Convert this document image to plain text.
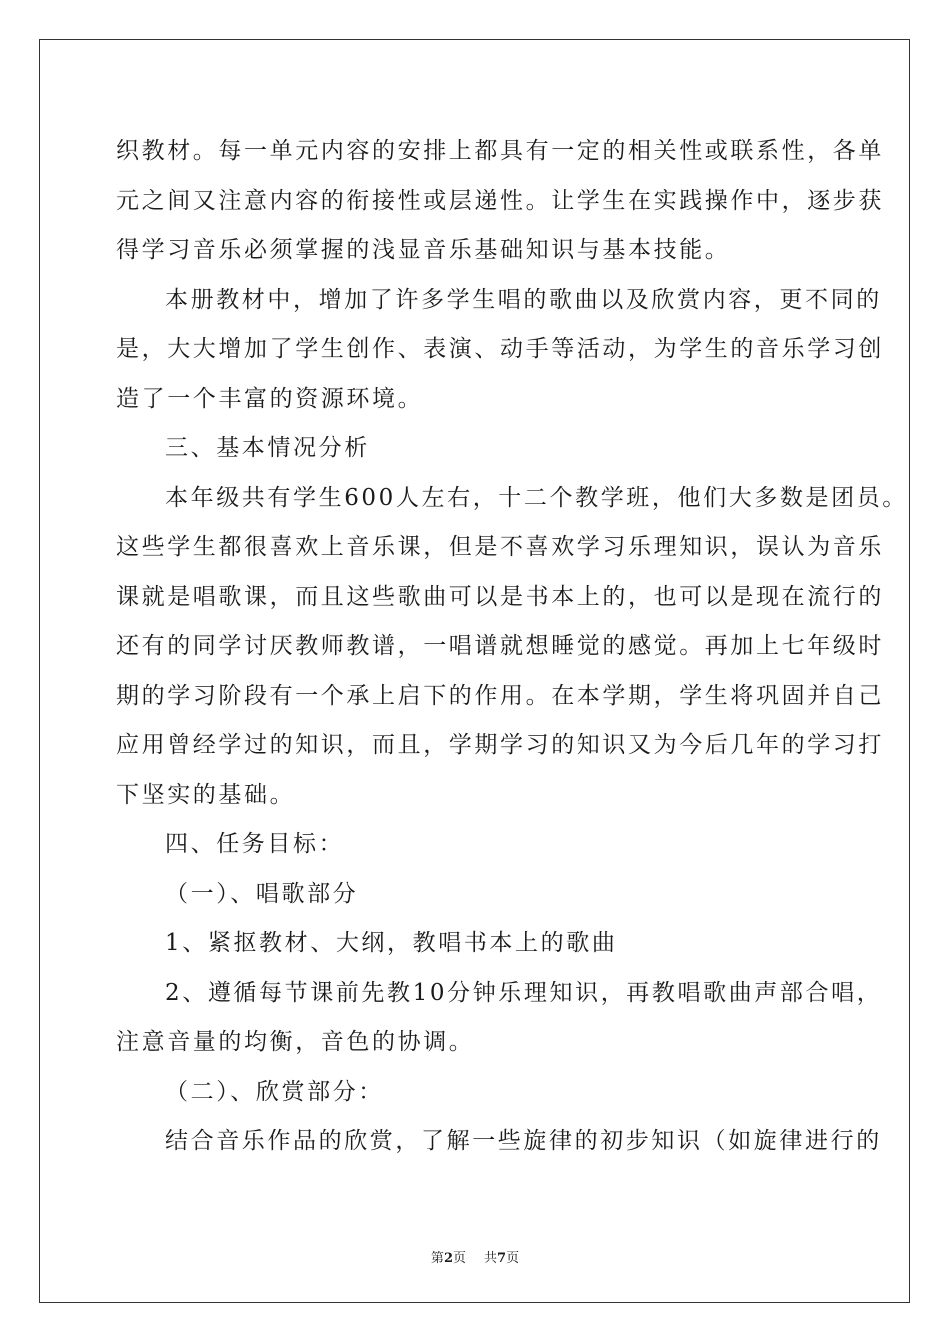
织教材。每一单元内容的安排上都具有一定的相关性或联系性，各单
元之间又注意内容的衔接性或层递性。让学生在实践操作中，逐步获
得学习音乐必须掌握的浅显音乐基础知识与基本技能。
本册教材中，增加了许多学生唱的歌曲以及欣赏内容，更不同的
是，大大增加了学生创作、表演、动手等活动，为学生的音乐学习创
造了一个丰富的资源环境。
三、基本情况分析
本年级共有学生600人左右，十二个教学班，他们大多数是团员。
这些学生都很喜欢上音乐课，但是不喜欢学习乐理知识，误认为音乐
课就是唱歌课，而且这些歌曲可以是书本上的，也可以是现在流行的
还有的同学讨厌教师教谱，一唱谱就想睡觉的感觉。再加上七年级时
期的学习阶段有一个承上启下的作用。在本学期，学生将巩固并自己
应用曾经学过的知识，而且，学期学习的知识又为今后几年的学习打
下坚实的基础。
四、任务目标：
（一）、唱歌部分
1、紧抠教材、大纲，教唱书本上的歌曲
2、遵循每节课前先教10分钟乐理知识，再教唱歌曲声部合唱，
注意音量的均衡，音色的协调。
（二）、欣赏部分：
结合音乐作品的欣赏，了解一些旋律的初步知识（如旋律进行的
第2页 共7页
